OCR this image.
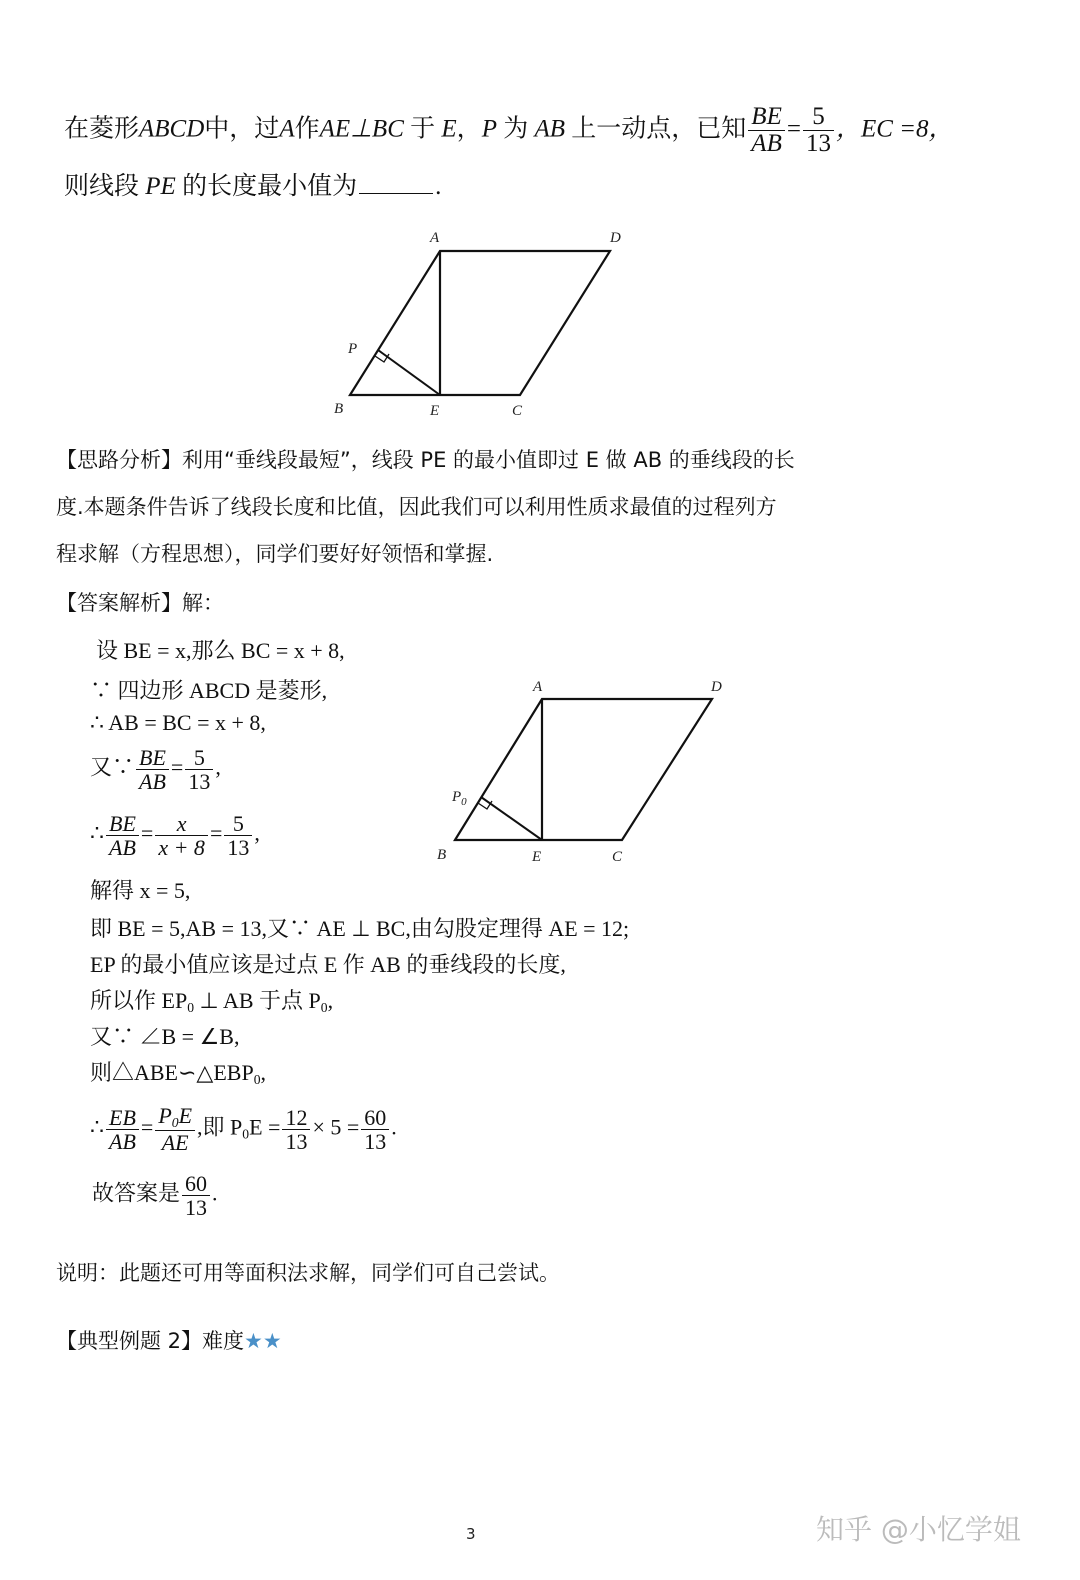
在菱形ABCD中，过A作AE⊥BC 于 E，P 为 AB 上一动点，已知 $\frac{BE}{AB} = \frac{5}{13}$ ，EC =8，
则线段 PE 的长度最小值为	.
A	D
P
B	E	C
【思路分析】利用“垂线段最短”，线段 PE 的最小值即过 E 做 AB 的垂线段的长
度.本题条件告诉了线段长度和比值，因此我们可以利用性质求最值的过程列方
程求解（方程思想），同学们要好好领悟和掌握.
【答案解析】解：
设 BE = x,那么 BC = x + 8,
∵ 四边形 ABCD 是菱形,
∴ AB = BC = x + 8,
又∵ $\frac{BE}{AB} = \frac{5}{13}$ ,
∴ $\frac{BE}{AB} = \frac{x}{x + 8} = \frac{5}{13}$ ,
解得 x = 5,
即 BE = 5,AB = 13,又∵ AE ⊥ BC,由勾股定理得 AE = 12;
EP 的最小值应该是过点 E 作 AB 的垂线段的长度,
所以作 $EP_0$ ⊥ AB 于点 $P_0$,
又∵ ∠B = ∠B,
则$\triangle ABE∽\triangle EBP_0$,
∴ $\frac{EB}{AB} = \frac{P_0E}{AE}$ ,即 $P_0E = \frac{12}{13} \times 5 = \frac{60}{13}$ .
故答案是 $\frac{60}{13}$ .
A	D
$P_0$
B	E	C
说明：此题还可用等面积法求解，同学们可自己尝试。
【典型例题 2】难度★★
3	知乎 @小忆学姐
